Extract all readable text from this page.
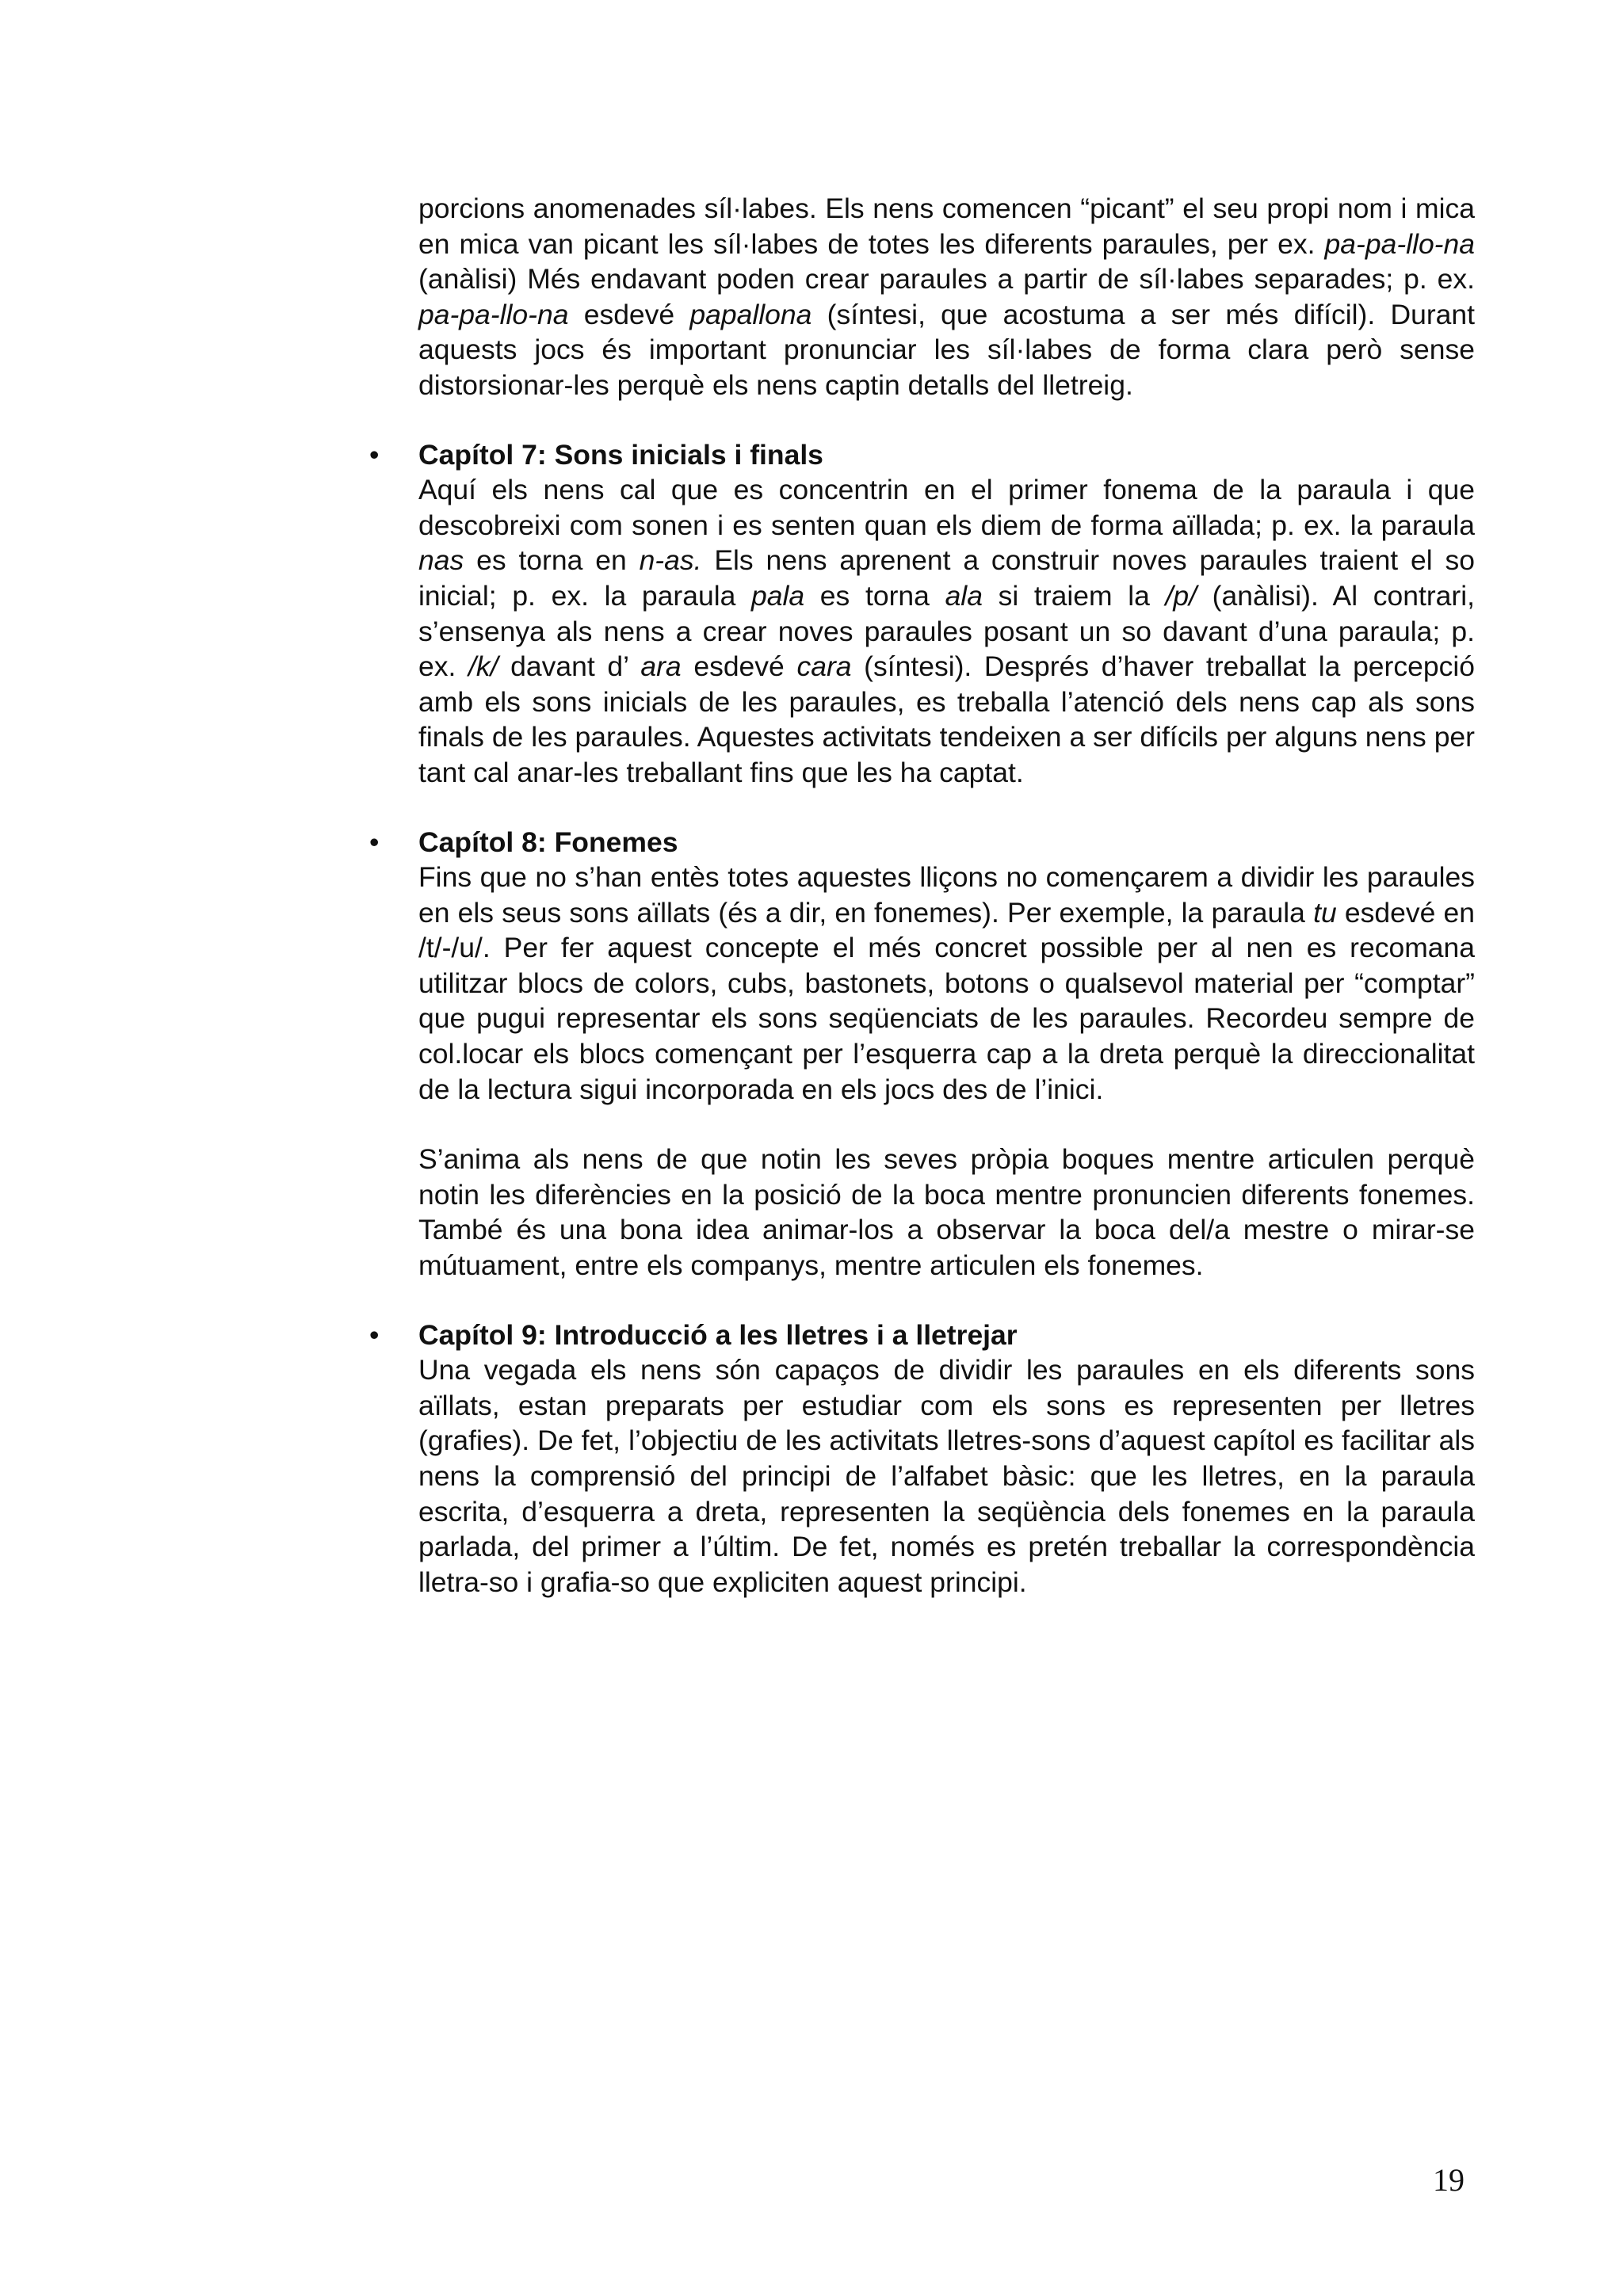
porcions anomenades síl·labes. Els nens comencen “picant” el seu propi nom i mica en mica van picant les síl·labes de totes les diferents paraules, per ex. pa-pa-llo-na (anàlisi) Més endavant poden crear paraules a partir de síl·labes separades; p. ex. pa-pa-llo-na esdevé papallona (síntesi, que acostuma a ser més difícil). Durant aquests jocs és important pronunciar les síl·labes de forma clara però sense distorsionar-les perquè els nens captin detalls del lletreig.

• Capítol 7: Sons inicials i finals

Aquí els nens cal que es concentrin en el primer fonema de la paraula i que descobreixi com sonen i es senten quan els diem de forma aïllada; p. ex. la paraula nas es torna en n-as. Els nens aprenent a construir noves paraules traient el so inicial; p. ex. la paraula pala es torna ala si traiem la /p/ (anàlisi). Al contrari, s’ensenya als nens a crear noves paraules posant un so davant d’una paraula; p. ex. /k/ davant d’ ara esdevé cara (síntesi). Després d’haver treballat la percepció amb els sons inicials de les paraules, es treballa l’atenció dels nens cap als sons finals de les paraules. Aquestes activitats tendeixen a ser difícils per alguns nens per tant cal anar-les treballant fins que les ha captat.

• Capítol 8: Fonemes

Fins que no s’han entès totes aquestes lliçons no començarem a dividir les paraules en els seus sons aïllats (és a dir, en fonemes). Per exemple, la paraula tu esdevé en /t/-/u/. Per fer aquest concepte el més concret possible per al nen es recomana utilitzar blocs de colors, cubs, bastonets, botons o qualsevol material per “comptar” que pugui representar els sons seqüenciats de les paraules. Recordeu sempre de col.locar els blocs començant per l’esquerra cap a la dreta perquè la direccionalitat de la lectura sigui incorporada en els jocs des de l’inici.

S’anima als nens de que notin les seves pròpia boques mentre articulen perquè notin les diferències en la posició de la boca mentre pronuncien diferents fonemes. També és una bona idea animar-los a observar la boca del/a mestre o mirar-se mútuament, entre els companys, mentre articulen els fonemes.

• Capítol 9: Introducció a les lletres i a lletrejar

Una vegada els nens són capaços de dividir les paraules en els diferents sons aïllats, estan preparats per estudiar com els sons es representen per lletres (grafies). De fet, l’objectiu de les activitats lletres-sons d’aquest capítol es facilitar als nens la comprensió del principi de l’alfabet bàsic: que les lletres, en la paraula escrita, d’esquerra a dreta, representen la seqüència dels fonemes en la paraula parlada, del primer a l’últim. De fet, només es pretén treballar la correspondència lletra-so i grafia-so que expliciten aquest principi.

19
